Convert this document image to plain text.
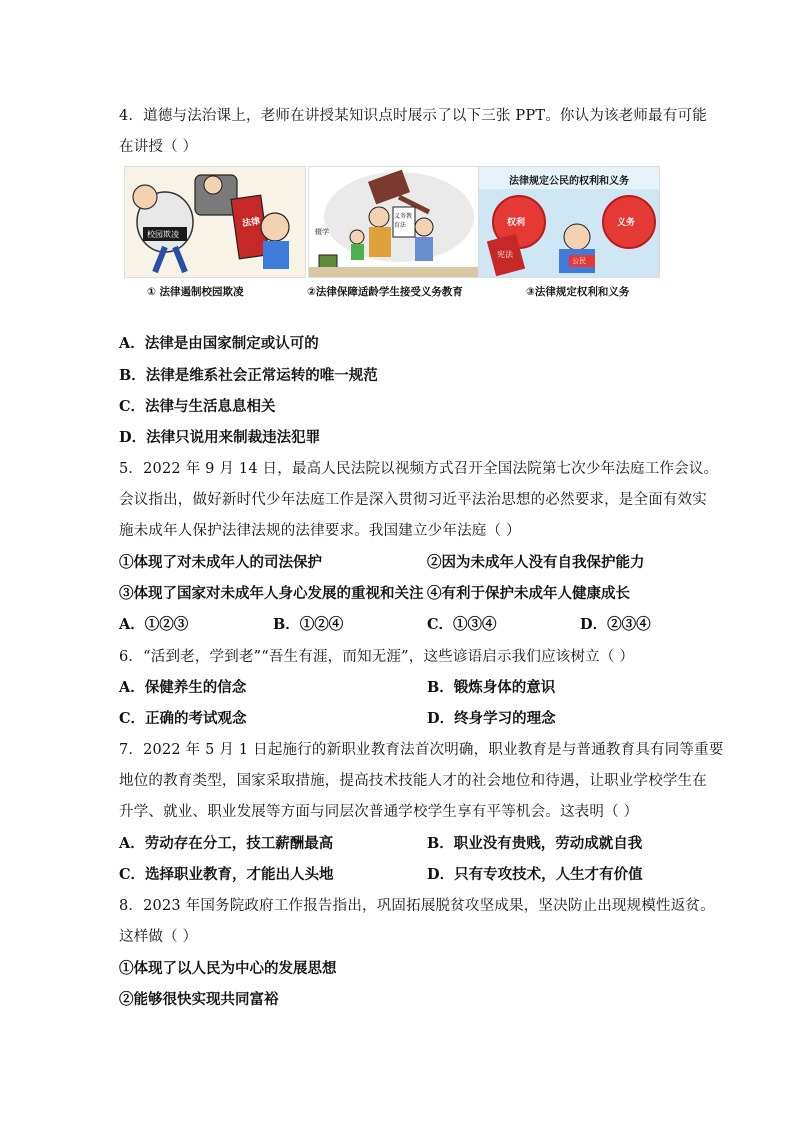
4．道德与法治课上，老师在讲授某知识点时展示了以下三张 PPT。你认为该老师最有可能
在讲授（ ）
校园欺凌
法律
辍学
义务教育法
法律规定公民的权利和义务
权利	义务
宪法
公民
① 法律遏制校园欺凌	②法律保障适龄学生接受义务教育	③法律规定权利和义务
A．法律是由国家制定或认可的
B．法律是维系社会正常运转的唯一规范
C．法律与生活息息相关
D．法律只说用来制裁违法犯罪
5．2022 年 9 月 14 日，最高人民法院以视频方式召开全国法院第七次少年法庭工作会议。
会议指出，做好新时代少年法庭工作是深入贯彻习近平法治思想的必然要求，是全面有效实
施未成年人保护法律法规的法律要求。我国建立少年法庭（ ）
①体现了对未成年人的司法保护	②因为未成年人没有自我保护能力
③体现了国家对未成年人身心发展的重视和关注 ④有利于保护未成年人健康成长
A．①②③	B．①②④	C．①③④	D．②③④
6．“活到老，学到老”“吾生有涯，而知无涯”，这些谚语启示我们应该树立（ ）
A．保健养生的信念	B．锻炼身体的意识
C．正确的考试观念	D．终身学习的理念
7．2022 年 5 月 1 日起施行的新职业教育法首次明确，职业教育是与普通教育具有同等重要
地位的教育类型，国家采取措施，提高技术技能人才的社会地位和待遇，让职业学校学生在
升学、就业、职业发展等方面与同层次普通学校学生享有平等机会。这表明（ ）
A．劳动存在分工，技工薪酬最高	B．职业没有贵贱，劳动成就自我
C．选择职业教育，才能出人头地	D．只有专攻技术，人生才有价值
8．2023 年国务院政府工作报告指出，巩固拓展脱贫攻坚成果，坚决防止出现规模性返贫。
这样做（ ）
①体现了以人民为中心的发展思想
②能够很快实现共同富裕
